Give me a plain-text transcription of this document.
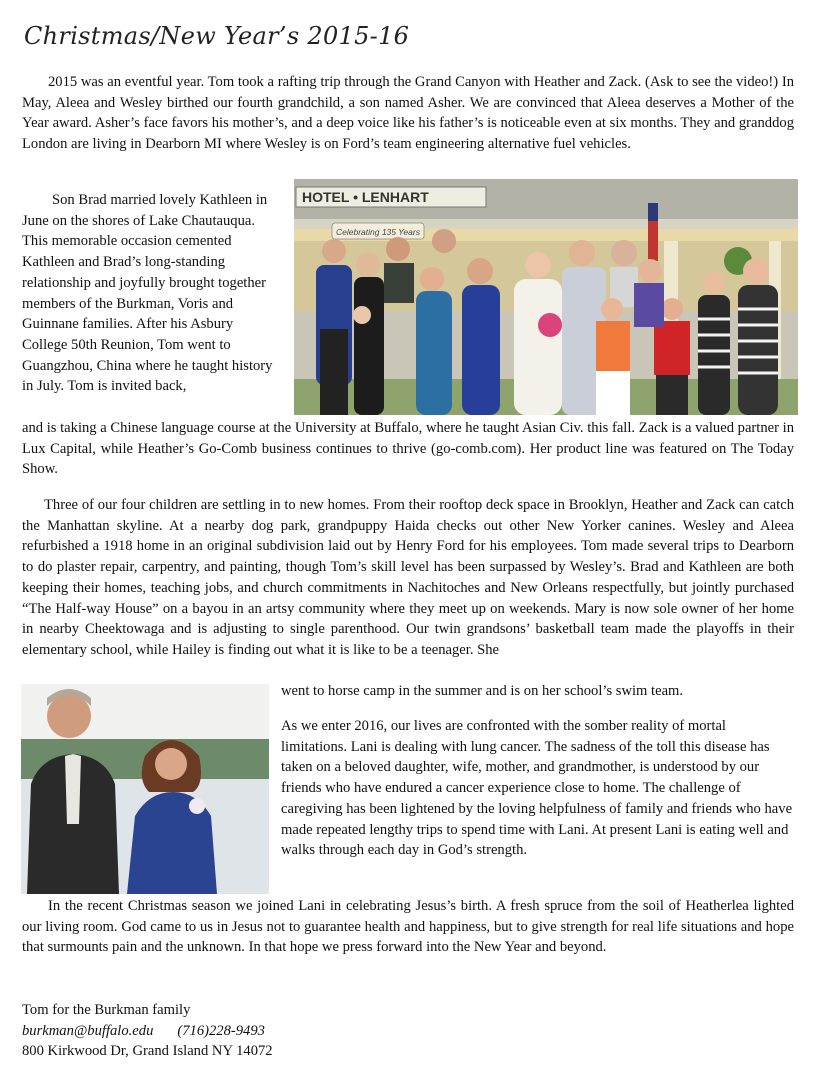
Christmas/New Year’s 2015-16
2015 was an eventful year. Tom took a rafting trip through the Grand Canyon with Heather and Zack. (Ask to see the video!) In May, Aleea and Wesley birthed our fourth grandchild, a son named Asher. We are convinced that Aleea deserves a Mother of the Year award. Asher’s face favors his mother’s, and a deep voice like his father’s is noticeable even at six months. They and granddog London are living in Dearborn MI where Wesley is on Ford’s team engineering alternative fuel vehicles.
Son Brad married lovely Kathleen in June on the shores of Lake Chautauqua. This memorable occasion cemented Kathleen and Brad’s long-standing relationship and joyfully brought together members of the Burkman, Voris and Guinnane families. After his Asbury College 50th Reunion, Tom went to Guangzhou, China where he taught history in July. Tom is invited back,
HOTEL • LENHART
Celebrating 135 Years
and is taking a Chinese language course at the University at Buffalo, where he taught Asian Civ. this fall. Zack is a valued partner in Lux Capital, while Heather’s Go-Comb business continues to thrive (go-comb.com). Her product line was featured on The Today Show.
Three of our four children are settling in to new homes. From their rooftop deck space in Brooklyn, Heather and Zack can catch the Manhattan skyline. At a nearby dog park, grandpuppy Haida checks out other New Yorker canines. Wesley and Aleea refurbished a 1918 home in an original subdivision laid out by Henry Ford for his employees. Tom made several trips to Dearborn to do plaster repair, carpentry, and painting, though Tom’s skill level has been surpassed by Wesley’s. Brad and Kathleen are both keeping their homes, teaching jobs, and church commitments in Nachitoches and New Orleans respectfully, but jointly purchased “The Half-way House” on a bayou in an artsy community where they meet up on weekends. Mary is now sole owner of her home in nearby Cheektowaga and is adjusting to single parenthood. Our twin grandsons’ basketball team made the playoffs in their elementary school, while Hailey is finding out what it is like to be a teenager. She
went to horse camp in the summer and is on her school’s swim team.
As we enter 2016, our lives are confronted with the somber reality of mortal limitations. Lani is dealing with lung cancer. The sadness of the toll this disease has taken on a beloved daughter, wife, mother, and grandmother, is understood by our friends who have endured a cancer experience close to home. The challenge of caregiving has been lightened by the loving helpfulness of family and friends who have made repeated lengthy trips to spend time with Lani. At present Lani is eating well and walks through each day in God’s strength.
In the recent Christmas season we joined Lani in celebrating Jesus’s birth. A fresh spruce from the soil of Heatherlea lighted our living room. God came to us in Jesus not to guarantee health and happiness, but to give strength for real life situations and hope that surmounts pain and the unknown. In that hope we press forward into the New Year and beyond.
Tom for the Burkman family
burkman@buffalo.edu (716)228-9493
800 Kirkwood Dr, Grand Island NY 14072
